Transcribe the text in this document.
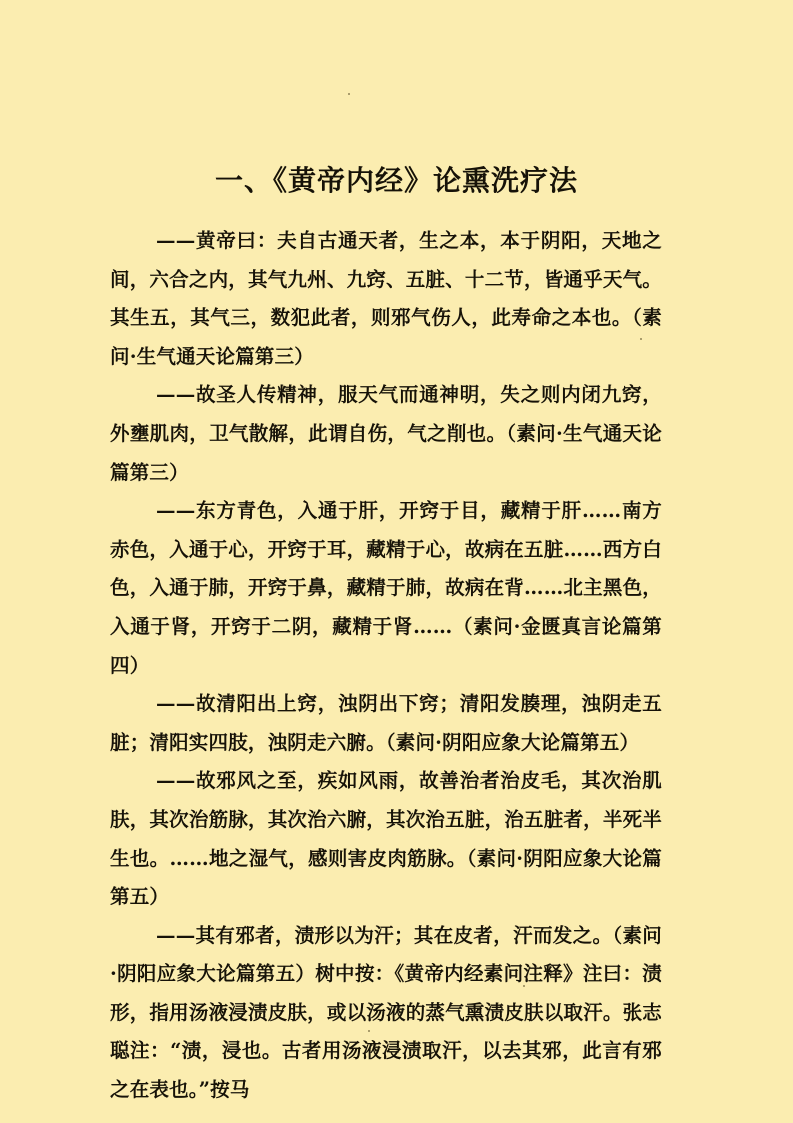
一、《黄帝内经》论熏洗疗法

——黄帝曰：夫自古通天者，生之本，本于阴阳，天地之间，六合之内，其气九州、九窍、五脏、十二节，皆通乎天气。其生五，其气三，数犯此者，则邪气伤人，此寿命之本也。（素问·生气通天论篇第三）

——故圣人传精神，服天气而通神明，失之则内闭九窍，外壅肌肉，卫气散解，此谓自伤，气之削也。（素问·生气通天论篇第三）

——东方青色，入通于肝，开窍于目，藏精于肝……南方赤色，入通于心，开窍于耳，藏精于心，故病在五脏……西方白色，入通于肺，开窍于鼻，藏精于肺，故病在背……北主黑色，入通于肾，开窍于二阴，藏精于肾……（素问·金匮真言论篇第四）

——故清阳出上窍，浊阴出下窍；清阳发腠理，浊阴走五脏；清阳实四肢，浊阴走六腑。（素问·阴阳应象大论篇第五）

——故邪风之至，疾如风雨，故善治者治皮毛，其次治肌肤，其次治筋脉，其次治六腑，其次治五脏，治五脏者，半死半生也。……地之湿气，感则害皮肉筋脉。（素问·阴阳应象大论篇第五）

——其有邪者，渍形以为汗；其在皮者，汗而发之。（素问·阴阳应象大论篇第五）树中按：《黄帝内经素问注释》注曰：渍形，指用汤液浸渍皮肤，或以汤液的蒸气熏渍皮肤以取汗。张志聪注：“渍，浸也。古者用汤液浸渍取汗，以去其邪，此言有邪之在表也。”按马
